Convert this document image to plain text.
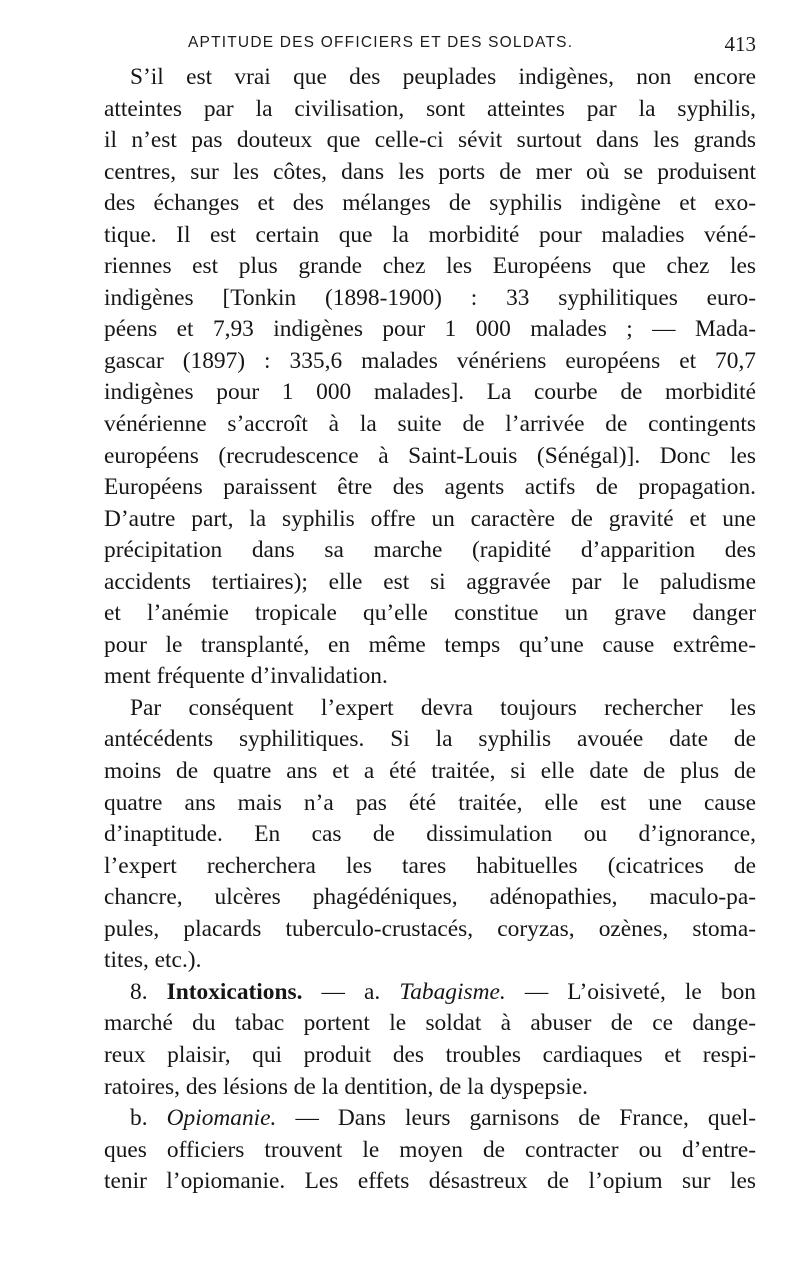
APTITUDE DES OFFICIERS ET DES SOLDATS.	413
S’il est vrai que des peuplades indigènes, non encore
atteintes par la civilisation, sont atteintes par la syphilis,
il n’est pas douteux que celle-ci sévit surtout dans les grands
centres, sur les côtes, dans les ports de mer où se produisent
des échanges et des mélanges de syphilis indigène et exo-
tique. Il est certain que la morbidité pour maladies véné-
riennes est plus grande chez les Européens que chez les
indigènes [Tonkin (1898-1900) : 33 syphilitiques euro-
péens et 7,93 indigènes pour 1 000 malades ; — Mada-
gascar (1897) : 335,6 malades vénériens européens et 70,7
indigènes pour 1 000 malades]. La courbe de morbidité
vénérienne s’accroît à la suite de l’arrivée de contingents
européens (recrudescence à Saint-Louis (Sénégal)]. Donc les
Européens paraissent être des agents actifs de propagation.
D’autre part, la syphilis offre un caractère de gravité et une
précipitation dans sa marche (rapidité d’apparition des
accidents tertiaires); elle est si aggravée par le paludisme
et l’anémie tropicale qu’elle constitue un grave danger
pour le transplanté, en même temps qu’une cause extrême-
ment fréquente d’invalidation.
Par conséquent l’expert devra toujours rechercher les
antécédents syphilitiques. Si la syphilis avouée date de
moins de quatre ans et a été traitée, si elle date de plus de
quatre ans mais n’a pas été traitée, elle est une cause
d’inaptitude. En cas de dissimulation ou d’ignorance,
l’expert recherchera les tares habituelles (cicatrices de
chancre, ulcères phagédéniques, adénopathies, maculo-pa-
pules, placards tuberculo-crustacés, coryzas, ozènes, stoma-
tites, etc.).
8. Intoxications. — a. Tabagisme. — L’oisiveté, le bon
marché du tabac portent le soldat à abuser de ce dange-
reux plaisir, qui produit des troubles cardiaques et respi-
ratoires, des lésions de la dentition, de la dyspepsie.
b. Opiomanie. — Dans leurs garnisons de France, quel-
ques officiers trouvent le moyen de contracter ou d’entre-
tenir l’opiomanie. Les effets désastreux de l’opium sur les
